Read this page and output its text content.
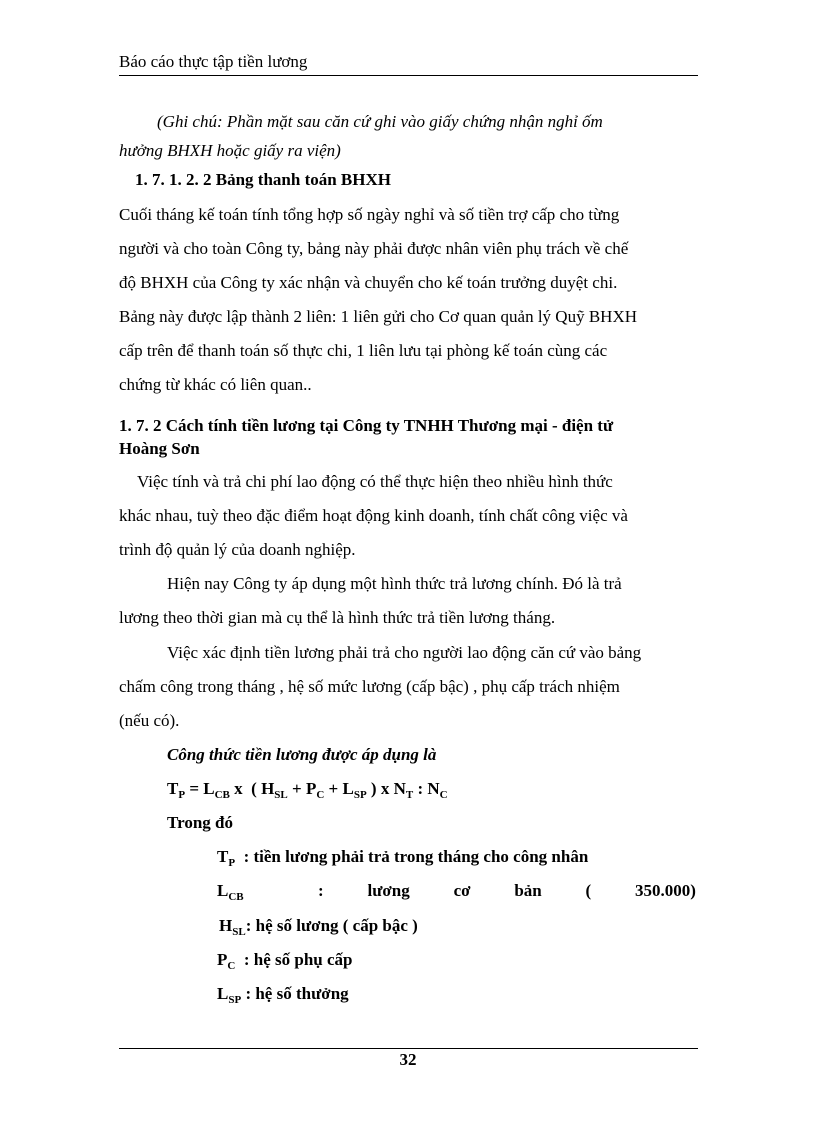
Báo cáo thực tập tiền lương
(Ghi chú: Phần mặt sau căn cứ ghi vào giấy chứng nhận nghỉ ốm
hưởng BHXH hoặc giấy ra viện)
1. 7. 1. 2. 2 Bảng thanh toán BHXH
Cuối tháng kế toán tính tổng hợp số ngày nghỉ và số tiền trợ cấp cho từng
người và cho toàn Công ty, bảng này phải được nhân viên phụ trách về chế
độ BHXH của Công ty xác nhận và chuyển cho kế toán trưởng duyệt chi.
Bảng này được lập thành 2 liên: 1 liên gửi cho Cơ quan quản lý Quỹ BHXH
cấp trên để thanh toán số thực chi, 1 liên lưu tại phòng kế toán cùng các
chứng từ khác có liên quan..
1. 7. 2 Cách tính tiền lương tại Công ty TNHH Thương mại - điện tử
Hoàng Sơn
Việc tính và trả chi phí lao động có thể thực hiện theo nhiều hình thức
khác nhau, tuỳ theo đặc điểm hoạt động kinh doanh, tính chất công việc và
trình độ quản lý của doanh nghiệp.
Hiện nay Công ty áp dụng một hình thức trả lương chính. Đó là trả
lương theo thời gian mà cụ thể là hình thức trả tiền lương tháng.
Việc xác định tiền lương phải trả cho người lao động căn cứ vào bảng
chấm công trong tháng , hệ số mức lương (cấp bậc) , phụ cấp trách nhiệm
(nếu có).
Công thức tiền lương được áp dụng là
$T_P = L_{CB}$ x  ( $H_{SL} + P_C + L_{SP}$ ) x $N_T$ : $N_C$
Trong đó
$T_P$  : tiền lương phải trả trong tháng cho công nhân
$L_{CB}$	:	lương	cơ	bản	(	350.000)
$H_{SL}$: hệ số lương ( cấp bậc )
$P_C$  : hệ số phụ cấp
$L_{SP}$ : hệ số thưởng
32
